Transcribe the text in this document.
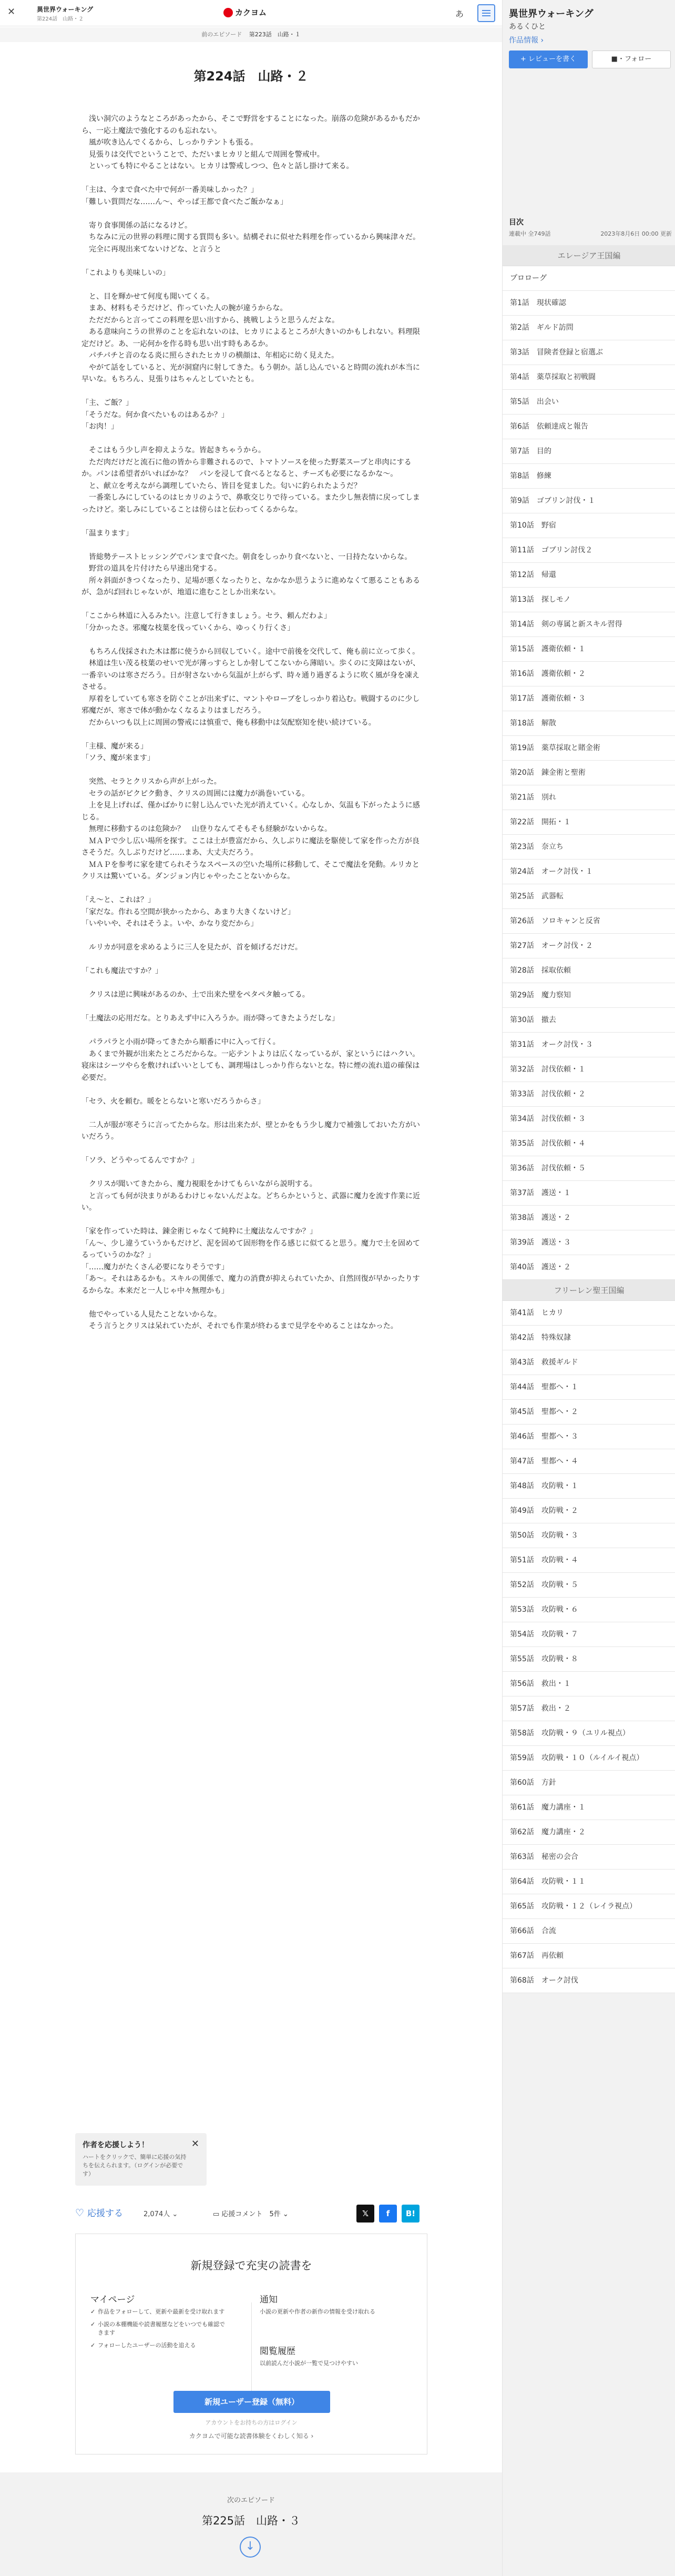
✕	異世界ウォーキング
第224話　山路・２
カクヨム	あ
前のエピソード 第223話　山路・１
第224話　山路・２

　浅い洞穴のようなところがあったから、そこで野営をすることになった。崩落の危険があるかもだから、一応土魔法で強化するのも忘れない。

　風が吹き込んでくるから、しっかりテントも張る。

　見張りは交代でということで、ただいまヒカリと組んで周囲を警戒中。

　といっても特にやることはない。ヒカリは警戒しつつ、色々と話し掛けて来る。

「主は、今まで食べた中で何が一番美味しかった？」

「難しい質問だな……ん～、やっぱ王都で食べたご飯かなぁ」

　寄り食事関係の話になるけど。

　ちなみに元の世界の料理に関する質問も多い。結構それに似せた料理を作っているから興味津々だ。

　完全に再現出来てないけどな、と言うと

「これよりも美味しいの」

　と、目を輝かせて何度も聞いてくる。

　まあ、材料もそうだけど、作っていた人の腕が違うからな。

　ただだからと言ってこの料理を思い出すから、挑戦しようと思うんだよな。

　ある意味向こうの世界のことを忘れないのは、ヒカリによるところが大きいのかもしれない。料理限定だけど。あ、一応何かを作る時も思い出す時もあるか。

　パチパチと音のなる炎に照らされたヒカリの横顔は、年相応に幼く見えた。

　やがて話をしていると、光が洞窟内に射してきた。もう朝か。話し込んでいると時間の流れが本当に早いな。もちろん、見張りはちゃんとしていたとも。

「主、ご飯？」

「そうだな。何か食べたいものはあるか？」

「お肉！」

　そこはもう少し声を抑えような。皆起きちゃうから。

　ただ肉だけだと流石に他の皆から非難されるので、トマトソースを使った野菜スープと串肉にするか。パンは希望者がいればかな？　パンを浸して食べるとなると、チーズも必要になるかな～。

　と、献立を考えながら調理していたら、皆目を覚ました。匂いに釣られたようだ？

　一番楽しみにしているのはヒカリのようで、鼻歌交じりで待っている。また少し無表情に戻ってしまったけど。楽しみにしていることは傍らはと伝わってくるからな。

「温まります」

　皆総勢テーストヒッシングでパンまで食べた。朝食をしっかり食べないと、一日持たないからな。

　野営の道具を片付けたら早速出発する。

　所々斜面がきつくなったり、足場が悪くなったりと、なかなか思うように進めなくて悪ることもあるが、急がば回れじゃないが、地道に進むことしか出来ない。

「ここから林道に入るみたい。注意して行きましょう。セラ、頼んだわよ」

「分かったさ。邪魔な枝葉を伐っていくから、ゆっくり行くさ」

　もちろん伐採された木は都に使うから回収していく。途中で前後を交代して、俺も前に立って歩く。

　林道は生い茂る枝葉のせいで光が薄っすらとしか射してこないから薄暗い。歩くのに支障はないが、一番辛いのは寒さだろう。日が射さないから気温が上がらず、時々通り過ぎるように吹く風が身を凍えさせる。

　厚着をしていても寒さを防ぐことが出来ずに、マントやローブをしっかり着込む。戦闘するのに少し邪魔だが、寒さで体が動かなくなるよりはましだろう。

　だからいつも以上に周囲の警戒には慎重で、俺も移動中は気配察知を使い続けている。

「主様、魔が来る」

「ソラ、魔が来ます」

　突然、セラとクリスから声が上がった。

　セラの話がピクピク動き、クリスの周囲には魔力が渦巻いている。

　上を見上げれば、僅かばかりに射し込んでいた光が消えていく。心なしか、気温も下がったように感じる。

　無理に移動するのは危険か？　山登りなんてそもそも経験がないからな。

　ＭＡＰで少し広い場所を探す。ここは土が豊富だから、久しぶりに魔法を駆使して家を作った方が良さそうだ。久しぶりだけど……まあ、大丈夫だろう。

　ＭＡＰを参考に家を建てられそうなスペースの空いた場所に移動して、そこで魔法を発動。ルリカとクリスは驚いている。ダンジョン内じゃやったことないからな。

「え～と、これは？」

「家だな。作れる空間が狭かったから、あまり大きくないけど」

「いやいや、それはそうよ。いや、かなり変だから」

　ルリカが同意を求めるように三人を見たが、首を傾げるだけだ。

「これも魔法ですか？」

　クリスは逆に興味があるのか、土で出来た壁をペタペタ触ってる。

「土魔法の応用だな。とりあえず中に入ろうか。雨が降ってきたようだしな」

　パラパラと小雨が降ってきたから順番に中に入って行く。

　あくまで外観が出来たところだからな。一応テントよりは広くなっているが、家というにはハクい。寝床はシーツやらを敷ければいいとしても、調理場はしっかり作らないとな。特に煙の流れ道の確保は必要だ。

「セラ、火を頼む。暖をとらないと寒いだろうからさ」

　二人が服が寒そうに言ってたからな。形は出来たが、壁とかをもう少し魔力で補強しておいた方がいいだろう。

「ソラ、どうやってるんですか？」

　クリスが聞いてきたから、魔力視眼をかけてもらいながら説明する。

　と言っても何が決まりがあるわけじゃないんだよな。どちらかというと、武器に魔力を流す作業に近い。

「家を作っていた時は、錬金術じゃなくて純粋に土魔法なんですか？」

「ん～、少し違うていうかもだけど、泥を固めて固形物を作る感じに似てると思う。魔力で土を固めてるっていうのかな？」

「……魔力がたくさん必要になりそうです」

「あ～。それはあるかも。スキルの関係で、魔力の消費が抑えられていたか、自然回復が早かったりするからな。本来だと一人じゃ中々無理かも」

　他でやっている人見たことないからな。

　そう言うとクリスは呆れていたが、それでも作業が終わるまで見学をやめることはなかった。

作者を応援しよう！
ハートをクリックで、簡単に応援の気持ちを伝えられます。（ログインが必要です）
✕
♡ 応援する	2,074人 ⌄	▭ 応援コメント　 5件 ⌄	𝕏 f B!
新規登録で充実の読書を
マイページ
✓ 作品をフォローして、更新や最新を受け取れます
✓ 小説の本棚機能や読書履歴などをいつでも確認できます
✓ フォローしたユーザーの活動を追える
通知
小説の更新や作者の新作の情報を受け取れる
閲覧履歴
以前読んだ小説が一覧で見つけやすい
新規ユーザー登録（無料）
アカウントをお持ちの方はログイン
カクヨムで可能な読書体験をくわしく知る ›
次のエピソード
第225話　山路・３
↓
異世界ウォーキング
あるくひと
作品情報 ›
+ レビューを書く	■・フォロー
目次
連載中 全749話	2023年8月6日 00:00 更新
エレージア王国編
プロローグ
第1話　現状確認
第2話　ギルド訪問
第3話　冒険者登録と宿選ぶ
第4話　薬草採取と初戦闘
第5話　出会い
第6話　依頼達成と報告
第7話　目的
第8話　修練
第9話　ゴブリン討伐・１
第10話　野宿
第11話　ゴブリン討伐２
第12話　帰還
第13話　探しモノ
第14話　剣の専属と新スキル習得
第15話　護衛依頼・１
第16話　護衛依頼・２
第17話　護衛依頼・３
第18話　解散
第19話　薬草採取と賭金術
第20話　錬金術と聖術
第21話　別れ
第22話　開拓・１
第23話　奈立ち
第24話　オーク討伐・１
第25話　武器転
第26話　ソロキャンと反省
第27話　オーク討伐・２
第28話　採取依頼
第29話　魔力察知
第30話　撤去
第31話　オーク討伐・３
第32話　討伐依頼・１
第33話　討伐依頼・２
第34話　討伐依頼・３
第35話　討伐依頼・４
第36話　討伐依頼・５
第37話　護送・１
第38話　護送・２
第39話　護送・３
第40話　護送・２
フリーレン聖王国編
第41話　ヒカリ
第42話　特殊奴隷
第43話　救援ギルド
第44話　聖都へ・１
第45話　聖都へ・２
第46話　聖都へ・３
第47話　聖都へ・４
第48話　攻防戦・１
第49話　攻防戦・２
第50話　攻防戦・３
第51話　攻防戦・４
第52話　攻防戦・５
第53話　攻防戦・６
第54話　攻防戦・７
第55話　攻防戦・８
第56話　救出・１
第57話　救出・２
第58話　攻防戦・９（ユリル視点）
第59話　攻防戦・１０（ルイルイ視点）
第60話　方針
第61話　魔力講座・１
第62話　魔力講座・２
第63話　秘密の会合
第64話　攻防戦・１１
第65話　攻防戦・１２（レイラ視点）
第66話　合流
第67話　再依頼
第68話　オーク討伐
